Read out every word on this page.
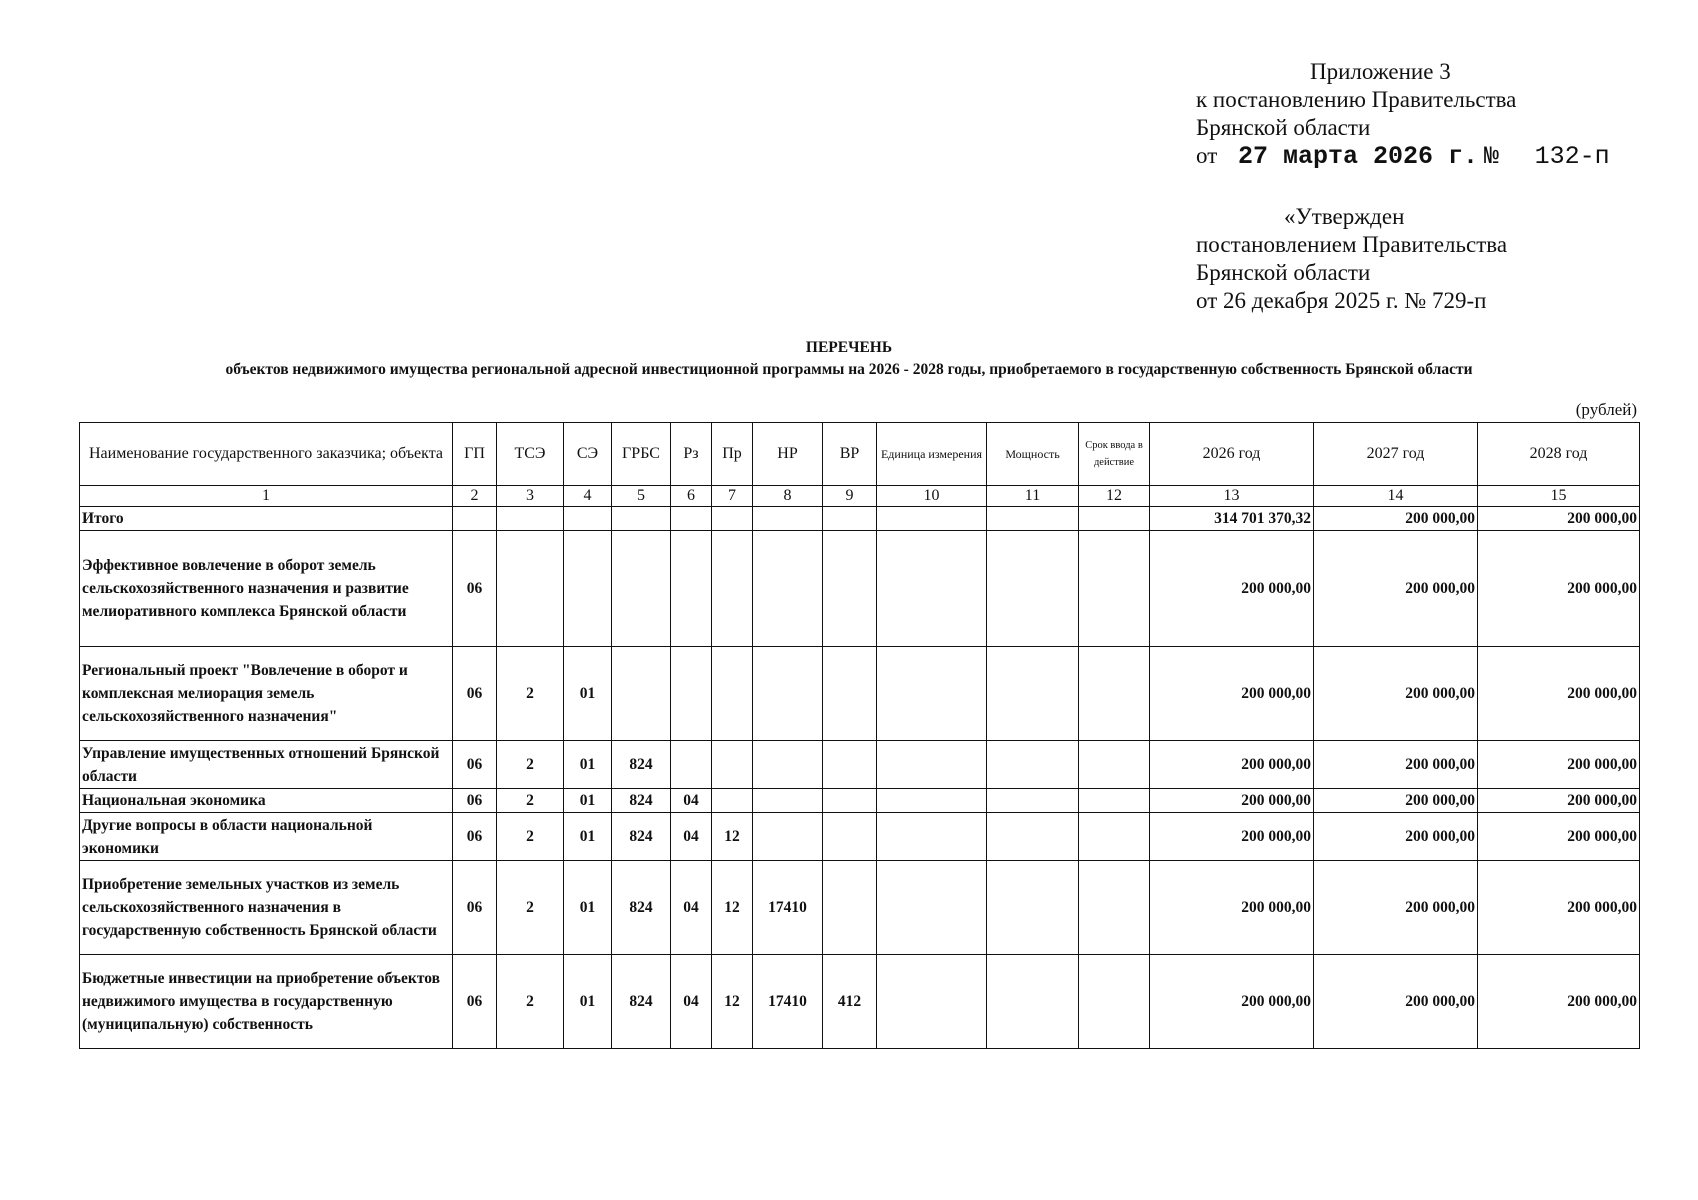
Приложение 3
к постановлению Правительства
Брянской области
от 27 марта 2026 г. № 132-п
«Утвержден
постановлением Правительства
Брянской области
от 26 декабря 2025 г. № 729-п
ПЕРЕЧЕНЬ
объектов недвижимого имущества региональной адресной инвестиционной программы на 2026 - 2028 годы, приобретаемого в государственную собственность Брянской области
(рублей)
Наименование государственного заказчика; объекта	ГП	ТСЭ	СЭ	ГРБС	Рз	Пр	НР	ВР	Единица измерения	Мощность	Срок ввода в действие	2026 год	2027 год	2028 год
1	2	3	4	5	6	7	8	9	10	11	12	13	14	15
Итого												314 701 370,32	200 000,00	200 000,00
Эффективное вовлечение в оборот земель сельскохозяйственного назначения и развитие мелиоративного комплекса Брянской области	06											200 000,00	200 000,00	200 000,00
Региональный проект "Вовлечение в оборот и комплексная мелиорация земель сельскохозяйственного назначения"	06	2	01									200 000,00	200 000,00	200 000,00
Управление имущественных отношений Брянской области	06	2	01	824								200 000,00	200 000,00	200 000,00
Национальная экономика	06	2	01	824	04							200 000,00	200 000,00	200 000,00
Другие вопросы в области национальной экономики	06	2	01	824	04	12						200 000,00	200 000,00	200 000,00
Приобретение земельных участков из земель сельскохозяйственного назначения в государственную собственность Брянской области	06	2	01	824	04	12	17410					200 000,00	200 000,00	200 000,00
Бюджетные инвестиции на приобретение объектов недвижимого имущества в государственную (муниципальную) собственность	06	2	01	824	04	12	17410	412				200 000,00	200 000,00	200 000,00
